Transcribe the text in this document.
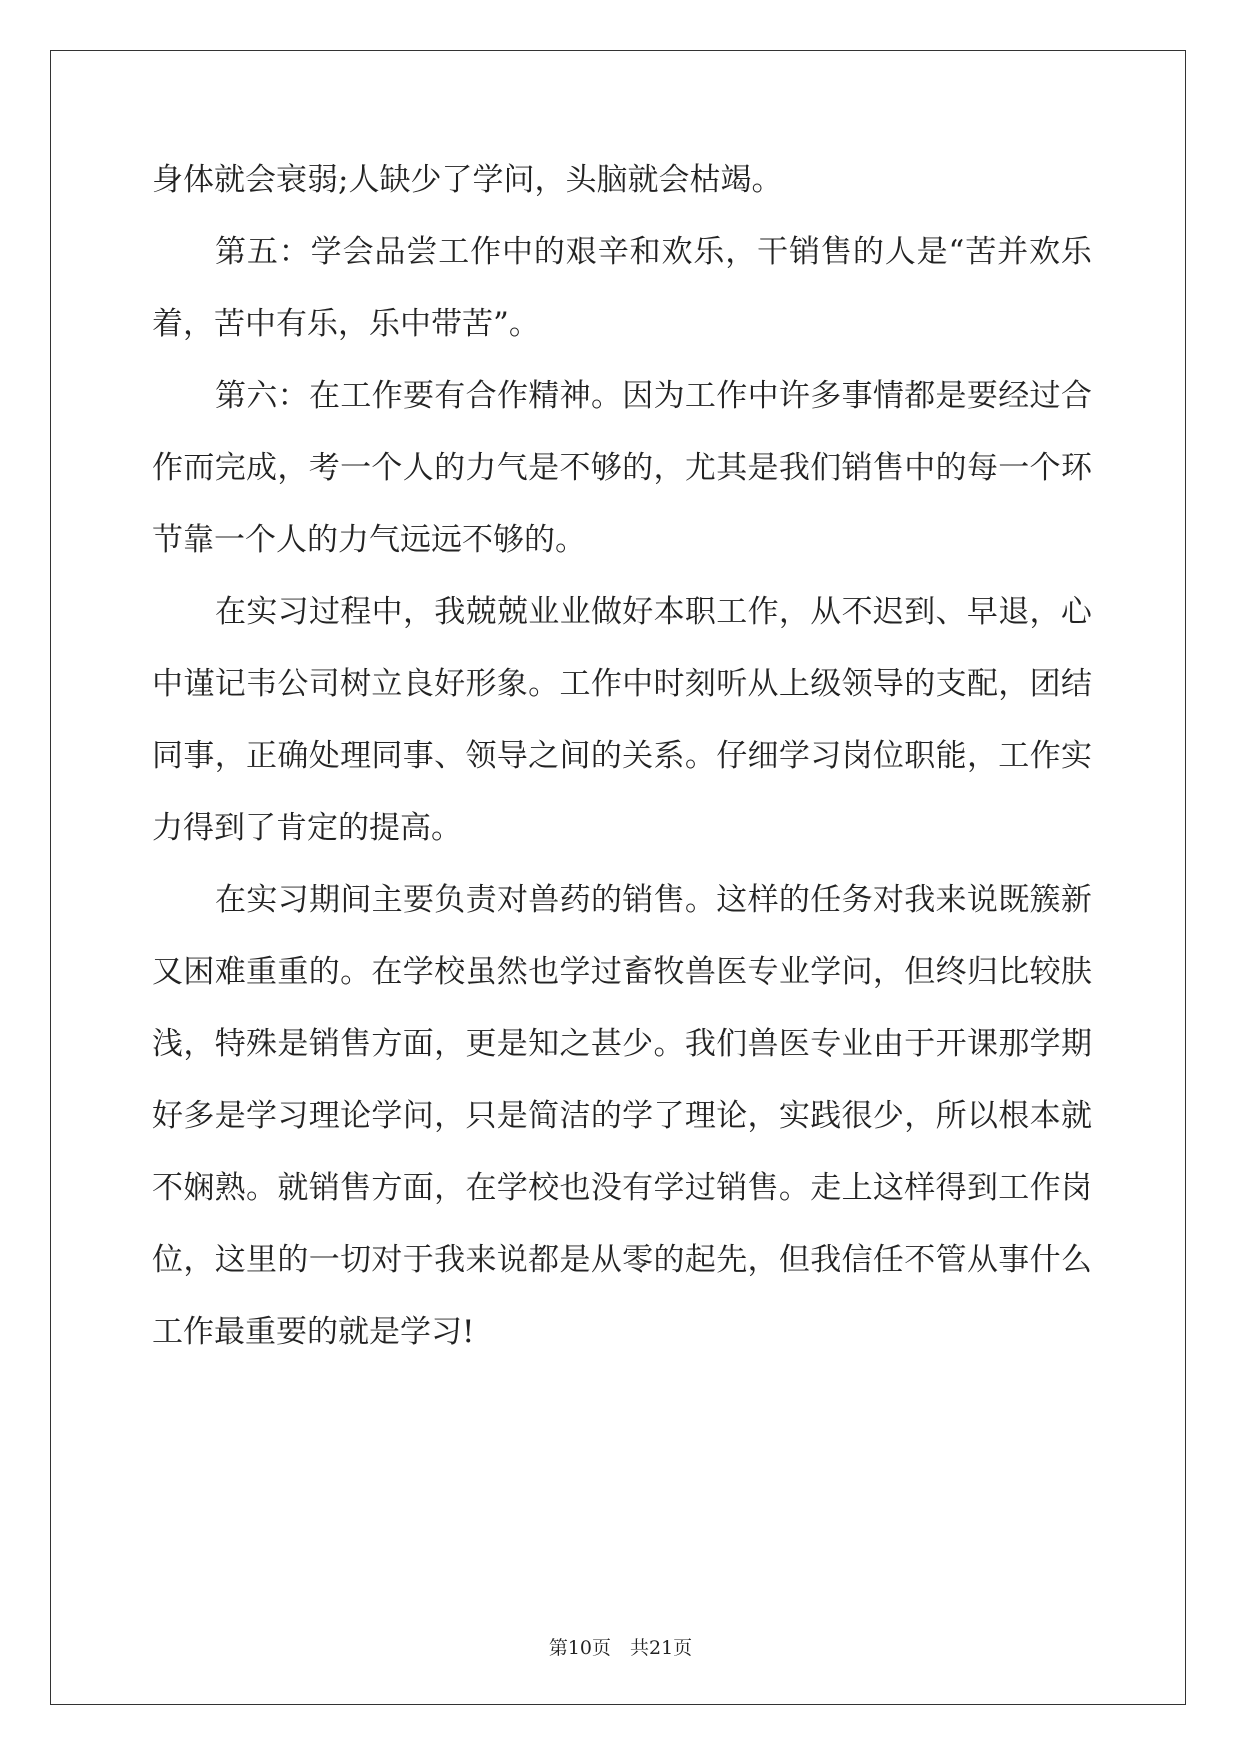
身体就会衰弱;人缺少了学问，头脑就会枯竭。
第 五 ： 学 会 品 尝 工 作 中 的 艰 辛 和 欢 乐 ， 干 销 售 的 人 是 “ 苦 并 欢 乐
着，苦中有乐，乐中带苦”。
第 六 ： 在 工 作 要 有 合 作 精 神 。 因 为 工 作 中 许 多 事 情 都 是 要 经 过 合
作 而 完 成 ， 考 一 个 人 的 力 气 是 不 够 的 ， 尤 其 是 我 们 销 售 中 的 每 一 个 环
节靠一个人的力气远远不够的。
在 实 习 过 程 中 ， 我 兢 兢 业 业 做 好 本 职 工 作 ， 从 不 迟 到 、 早 退 ， 心
中 谨 记 韦 公 司 树 立 良 好 形 象 。 工 作 中 时 刻 听 从 上 级 领 导 的 支 配 ， 团 结
同 事 ， 正 确 处 理 同 事 、 领 导 之 间 的 关 系 。 仔 细 学 习 岗 位 职 能 ， 工 作 实
力得到了肯定的提高。
在 实 习 期 间 主 要 负 责 对 兽 药 的 销 售 。 这 样 的 任 务 对 我 来 说 既 簇 新
又 困 难 重 重 的 。 在 学 校 虽 然 也 学 过 畜 牧 兽 医 专 业 学 问 ， 但 终 归 比 较 肤
浅 ， 特 殊 是 销 售 方 面 ， 更 是 知 之 甚 少 。 我 们 兽 医 专 业 由 于 开 课 那 学 期
好 多 是 学 习 理 论 学 问 ， 只 是 简 洁 的 学 了 理 论 ， 实 践 很 少 ， 所 以 根 本 就
不 娴 熟 。 就 销 售 方 面 ， 在 学 校 也 没 有 学 过 销 售 。 走 上 这 样 得 到 工 作 岗
位 ， 这 里 的 一 切 对 于 我 来 说 都 是 从 零 的 起 先 ， 但 我 信 任 不 管 从 事 什 么
工作最重要的就是学习!
第10页　共21页
